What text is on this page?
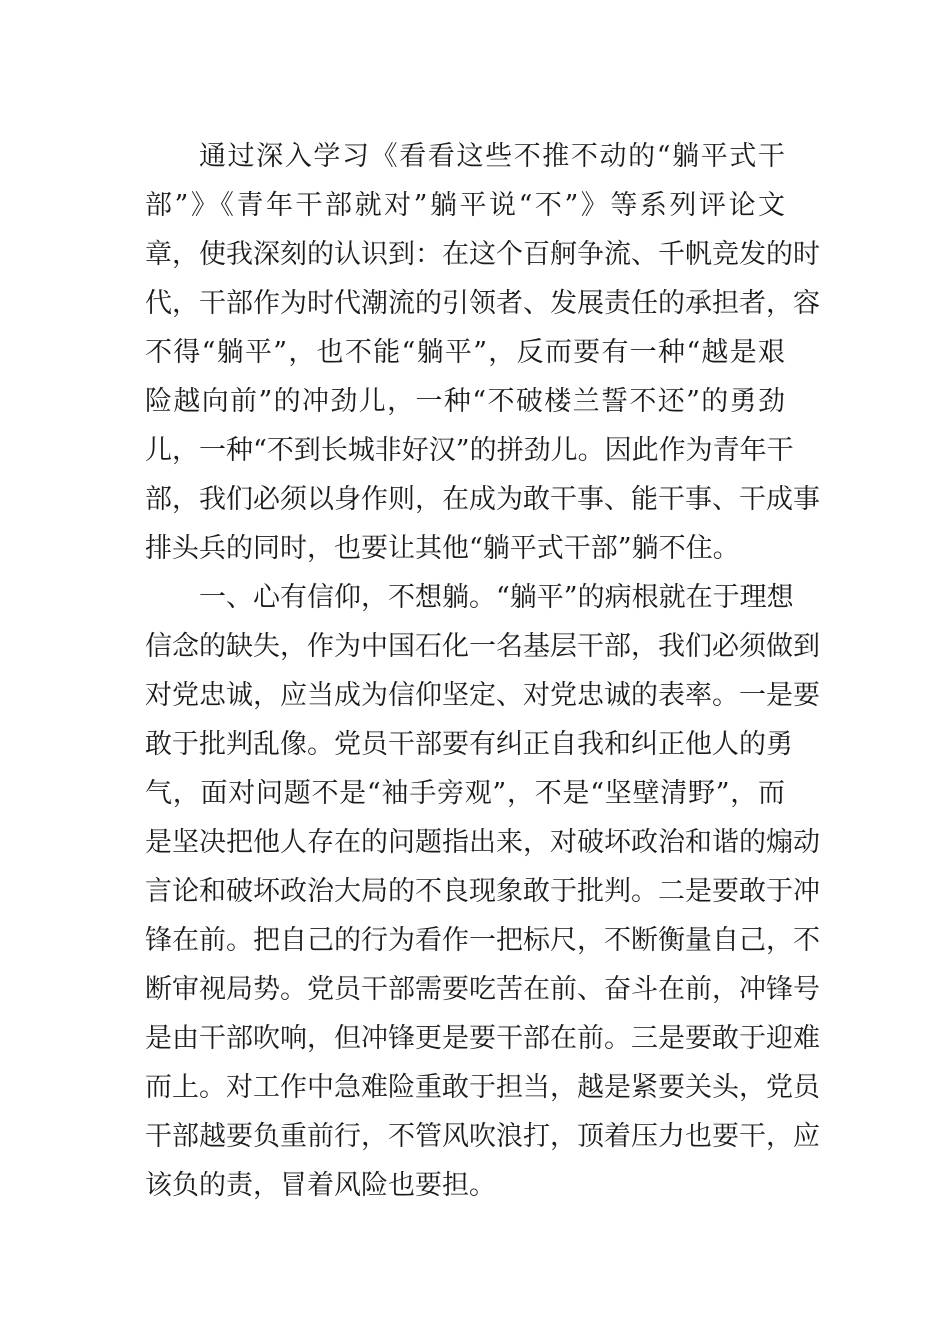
通过深入学习《看看这些不推不动的“躺平式干
部”》《青年干部就对”躺平说“不”》等系列评论文
章，使我深刻的认识到：在这个百舸争流、千帆竞发的时
代，干部作为时代潮流的引领者、发展责任的承担者，容
不得“躺平”，也不能“躺平”，反而要有一种“越是艰
险越向前”的冲劲儿，一种“不破楼兰誓不还”的勇劲
儿，一种“不到长城非好汉”的拼劲儿。因此作为青年干
部，我们必须以身作则，在成为敢干事、能干事、干成事
排头兵的同时，也要让其他“躺平式干部”躺不住。
一、心有信仰，不想躺。“躺平”的病根就在于理想
信念的缺失，作为中国石化一名基层干部，我们必须做到
对党忠诚，应当成为信仰坚定、对党忠诚的表率。一是要
敢于批判乱像。党员干部要有纠正自我和纠正他人的勇
气，面对问题不是“袖手旁观”，不是“坚壁清野”，而
是坚决把他人存在的问题指出来，对破坏政治和谐的煽动
言论和破坏政治大局的不良现象敢于批判。二是要敢于冲
锋在前。把自己的行为看作一把标尺，不断衡量自己，不
断审视局势。党员干部需要吃苦在前、奋斗在前，冲锋号
是由干部吹响，但冲锋更是要干部在前。三是要敢于迎难
而上。对工作中急难险重敢于担当，越是紧要关头，党员
干部越要负重前行，不管风吹浪打，顶着压力也要干，应
该负的责，冒着风险也要担。
